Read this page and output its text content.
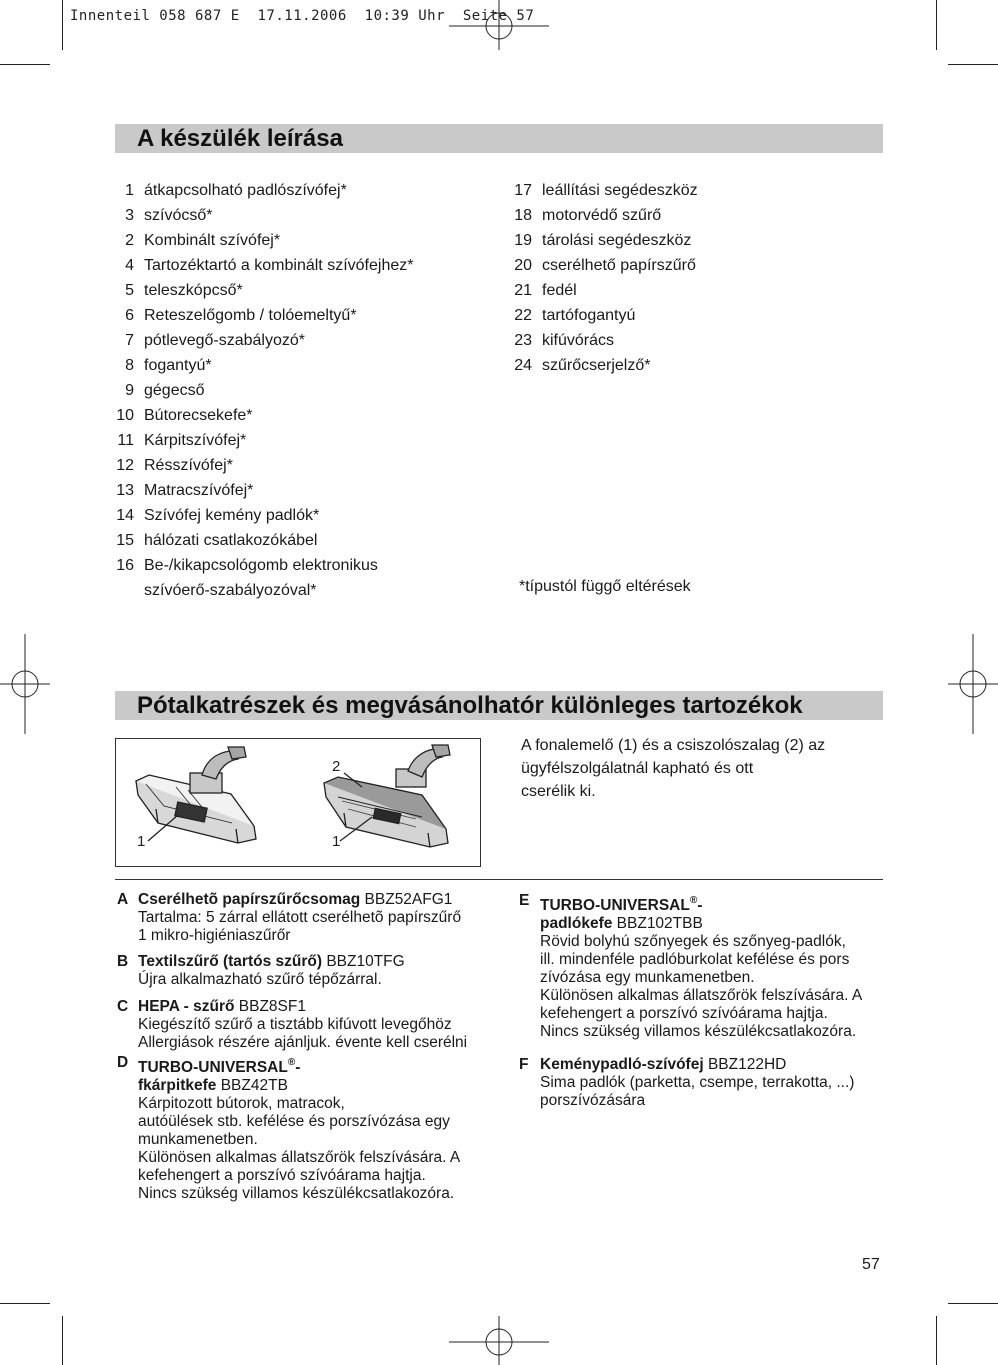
Innenteil 058 687 E  17.11.2006  10:39 Uhr  Seite 57
A készülék leírása
1 átkapcsolható padlószívófej*
3 szívócső*
2 Kombinált szívófej*
4 Tartozéktartó a kombinált szívófejhez*
5 teleszkópcső*
6 Reteszelőgomb / tolóemeltyű*
7 pótlevegő-szabályozó*
8 fogantyú*
9 gégecső
10 Bútorecsekefe*
11 Kárpitszívófej*
12 Résszívófej*
13 Matracszívófej*
14 Szívófej kemény padlók*
15 hálózati csatlakozókábel
16 Be-/kikapcsológomb elektronikus
szívóerő-szabályozóval*
17 leállítási segédeszköz
18 motorvédő szűrő
19 tárolási segédeszköz
20 cserélhető papírszűrő
21 fedél
22 tartófogantyú
23 kifúvórács
24 szűrőcserjelző*
*típustól függő eltérések
Pótalkatrészek és megvásánolhatór különleges tartozékok
1	1
2
A fonalemelő (1) és a csiszolószalag (2) az
ügyfélszolgálatnál kapható és ott
cserélik ki.
A Cserélhetõ papírszűrőcsomag BBZ52AFG1
Tartalma: 5 zárral ellátott cserélhetõ papírszűrő
1 mikro-higiéniaszűrőr
B Textilszűrő (tartós szűrő) BBZ10TFG
Újra alkalmazható szűrő tépőzárral.
C HEPA - szűrő BBZ8SF1
Kiegészítő szűrő a tisztább kifúvott levegőhöz
Allergiások részére ajánljuk. évente kell cserélni
D TURBO-UNIVERSAL®-
fkárpitkefe BBZ42TB
Kárpitozott bútorok, matracok,
autóülések stb. kefélése és porszívózása egy
munkamenetben.
Különösen alkalmas állatszőrök felszívására. A
kefehengert a porszívó szívóárama hajtja.
Nincs szükség villamos készülékcsatlakozóra.
E TURBO-UNIVERSAL®-
padlókefe BBZ102TBB
Rövid bolyhú szőnyegek és szőnyeg-padlók,
ill. mindenféle padlóburkolat kefélése és pors
zívózása egy munkamenetben.
Különösen alkalmas állatszőrök felszívására. A
kefehengert a porszívó szívóárama hajtja.
Nincs szükség villamos készülékcsatlakozóra.
F Keménypadló-szívófej BBZ122HD
Sima padlók (parketta, csempe, terrakotta, ...)
porszívózására
57
